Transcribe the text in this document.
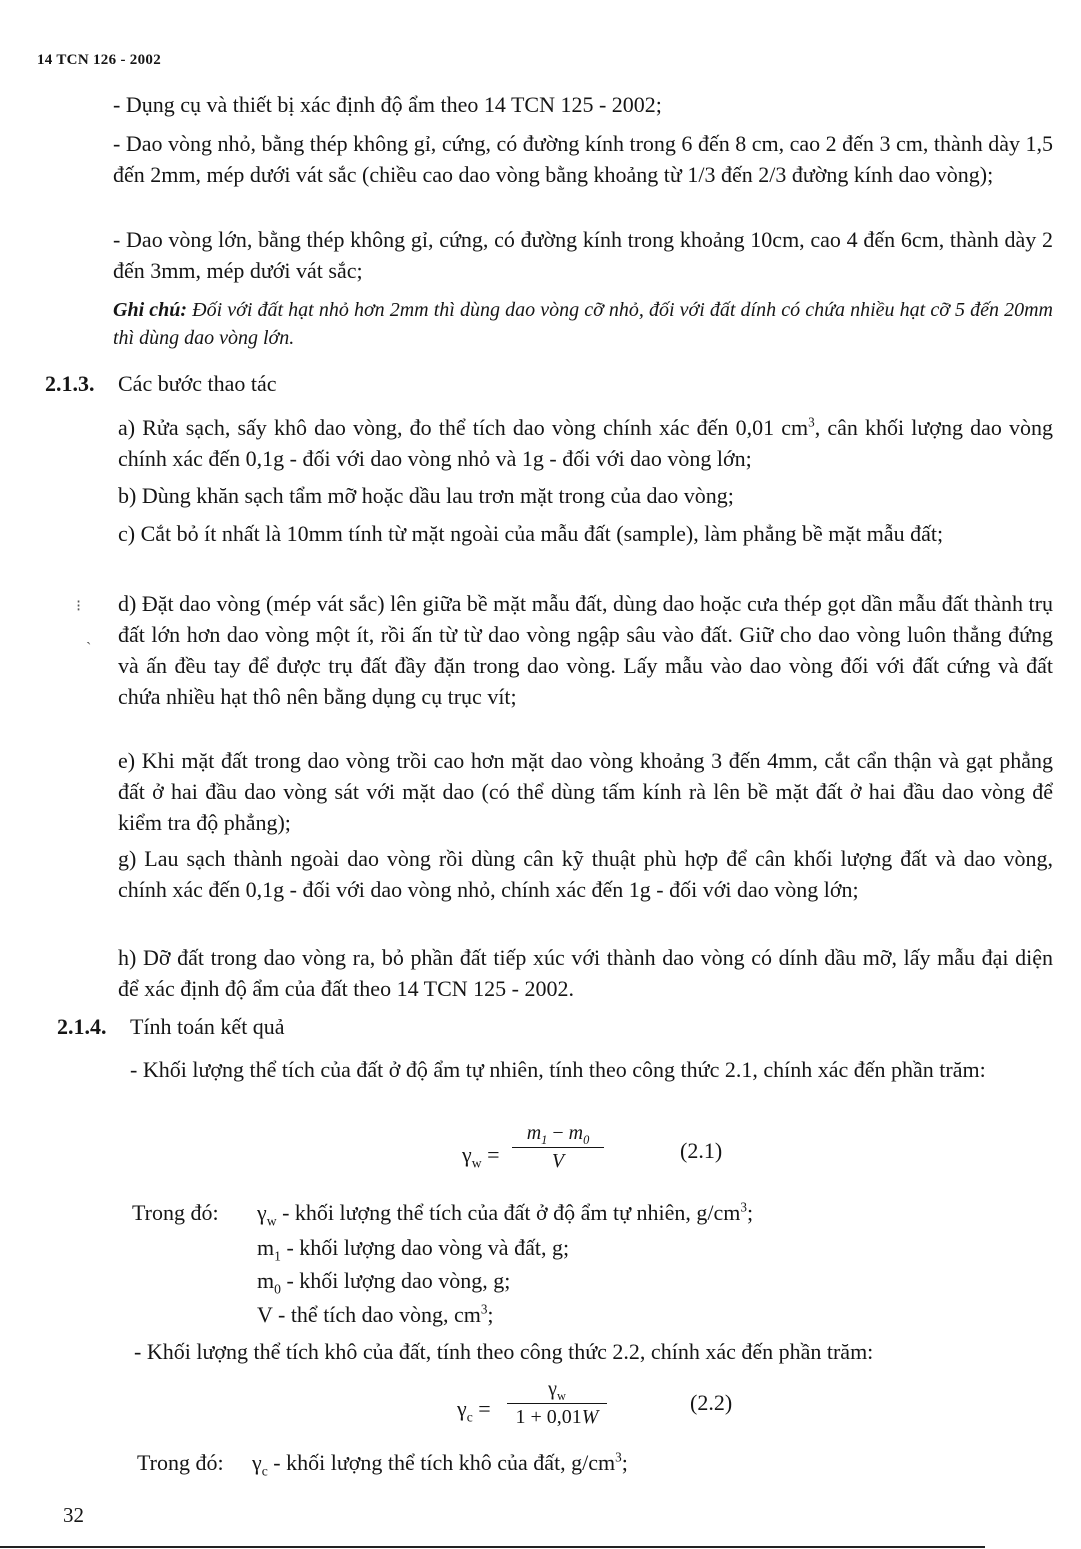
14 TCN 126 - 2002
- Dụng cụ và thiết bị xác định độ ẩm theo 14 TCN 125 - 2002;
- Dao vòng nhỏ, bằng thép không gỉ, cứng, có đường kính trong 6 đến 8 cm, cao 2 đến 3 cm, thành dày 1,5 đến 2mm, mép dưới vát sắc (chiều cao dao vòng bằng khoảng từ 1/3 đến 2/3 đường kính dao vòng);
- Dao vòng lớn, bằng thép không gỉ, cứng, có đường kính trong khoảng 10cm, cao 4 đến 6cm, thành dày 2 đến 3mm, mép dưới vát sắc;
Ghi chú: Đối với đất hạt nhỏ hơn 2mm thì dùng dao vòng cỡ nhỏ, đối với đất dính có chứa nhiều hạt cỡ 5 đến 20mm thì dùng dao vòng lớn.
2.1.3. Các bước thao tác
a) Rửa sạch, sấy khô dao vòng, đo thể tích dao vòng chính xác đến 0,01 $cm^3$, cân khối lượng dao vòng chính xác đến 0,1g - đối với dao vòng nhỏ và 1g - đối với dao vòng lớn;
b) Dùng khăn sạch tẩm mỡ hoặc dầu lau trơn mặt trong của dao vòng;
c) Cắt bỏ ít nhất là 10mm tính từ mặt ngoài của mẫu đất (sample), làm phẳng bề mặt mẫu đất;
⁝
ˎ
d) Đặt dao vòng (mép vát sắc) lên giữa bề mặt mẫu đất, dùng dao hoặc cưa thép gọt dần mẫu đất thành trụ đất lớn hơn dao vòng một ít, rồi ấn từ từ dao vòng ngập sâu vào đất. Giữ cho dao vòng luôn thẳng đứng và ấn đều tay để được trụ đất đầy đặn trong dao vòng. Lấy mẫu vào dao vòng đối với đất cứng và đất chứa nhiều hạt thô nên bằng dụng cụ trục vít;
e) Khi mặt đất trong dao vòng trồi cao hơn mặt dao vòng khoảng 3 đến 4mm, cắt cẩn thận và gạt phẳng đất ở hai đầu dao vòng sát với mặt dao (có thể dùng tấm kính rà lên bề mặt đất ở hai đầu dao vòng để kiểm tra độ phẳng);
g) Lau sạch thành ngoài dao vòng rồi dùng cân kỹ thuật phù hợp để cân khối lượng đất và dao vòng, chính xác đến 0,1g - đối với dao vòng nhỏ, chính xác đến 1g - đối với dao vòng lớn;
h) Dỡ đất trong dao vòng ra, bỏ phần đất tiếp xúc với thành dao vòng có dính dầu mỡ, lấy mẫu đại diện để xác định độ ẩm của đất theo 14 TCN 125 - 2002.
2.1.4. Tính toán kết quả
- Khối lượng thể tích của đất ở độ ẩm tự nhiên, tính theo công thức 2.1, chính xác đến phần trăm:
$\gamma_w = \frac{m_1 - m_0}{V}$	(2.1)
Trong đó: $\gamma_w$ - khối lượng thể tích của đất ở độ ẩm tự nhiên, $g/cm^3$;
$m_1$ - khối lượng dao vòng và đất, g;
$m_0$ - khối lượng dao vòng, g;
V - thể tích dao vòng, $cm^3$;
- Khối lượng thể tích khô của đất, tính theo công thức 2.2, chính xác đến phần trăm:
$\gamma_c = \frac{\gamma_w}{1 + 0,01W}$	(2.2)
Trong đó: $\gamma_c$ - khối lượng thể tích khô của đất, $g/cm^3$;
32
